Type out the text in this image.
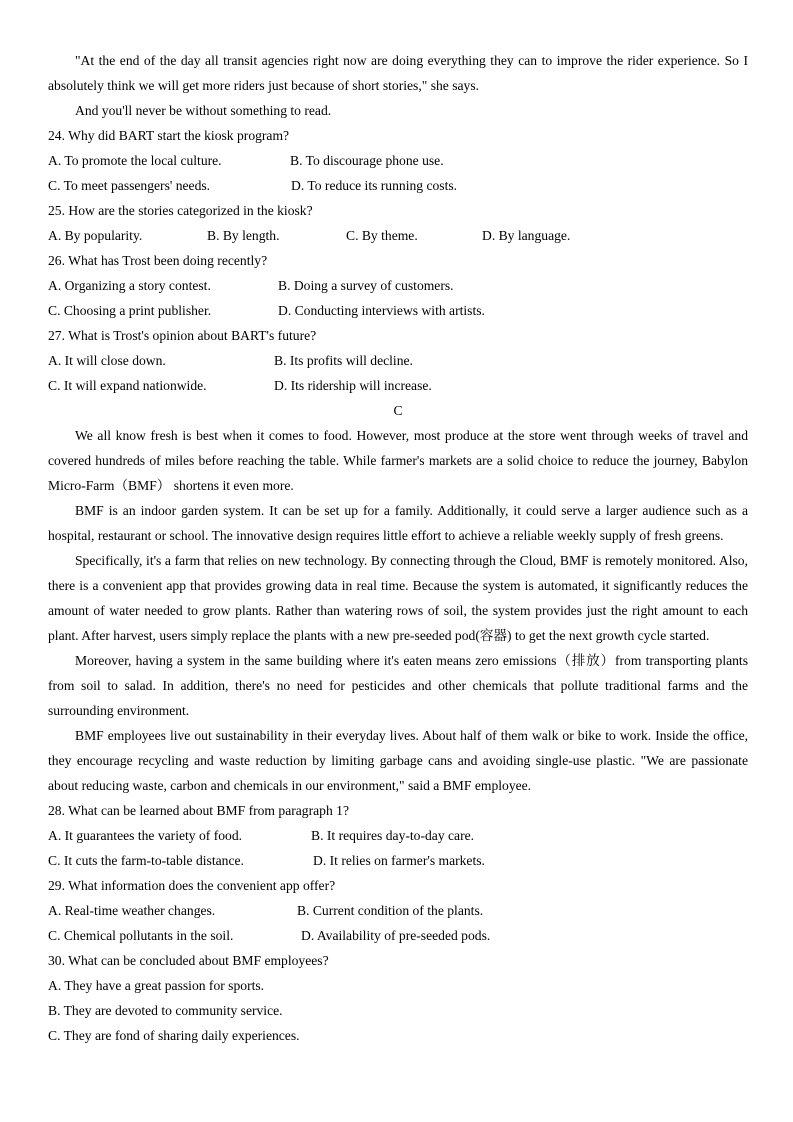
"At the end of the day all transit agencies right now are doing everything they can to improve the rider experience. So I absolutely think we will get more riders just because of short stories," she says.
And you'll never be without something to read.
24. Why did BART start the kiosk program?
A. To promote the local culture.	B. To discourage phone use.
C. To meet passengers' needs.	D. To reduce its running costs.
25. How are the stories categorized in the kiosk?
A. By popularity.	B. By length.	C. By theme.	D. By language.
26. What has Trost been doing recently?
A. Organizing a story contest.	B. Doing a survey of customers.
C. Choosing a print publisher.	D. Conducting interviews with artists.
27. What is Trost's opinion about BART's future?
A. It will close down.	B. Its profits will decline.
C. It will expand nationwide.	D. Its ridership will increase.
C
We all know fresh is best when it comes to food. However, most produce at the store went through weeks of travel and covered hundreds of miles before reaching the table. While farmer's markets are a solid choice to reduce the journey, Babylon Micro-Farm（BMF） shortens it even more.
BMF is an indoor garden system. It can be set up for a family. Additionally, it could serve a larger audience such as a hospital, restaurant or school. The innovative design requires little effort to achieve a reliable weekly supply of fresh greens.
Specifically, it's a farm that relies on new technology. By connecting through the Cloud, BMF is remotely monitored. Also, there is a convenient app that provides growing data in real time. Because the system is automated, it significantly reduces the amount of water needed to grow plants. Rather than watering rows of soil, the system provides just the right amount to each plant. After harvest, users simply replace the plants with a new pre-seeded pod(容器) to get the next growth cycle started.
Moreover, having a system in the same building where it's eaten means zero emissions（排放）from transporting plants from soil to salad. In addition, there's no need for pesticides and other chemicals that pollute traditional farms and the surrounding environment.
BMF employees live out sustainability in their everyday lives. About half of them walk or bike to work. Inside the office, they encourage recycling and waste reduction by limiting garbage cans and avoiding single-use plastic. "We are passionate about reducing waste, carbon and chemicals in our environment," said a BMF employee.
28. What can be learned about BMF from paragraph 1?
A. It guarantees the variety of food.	B. It requires day-to-day care.
C. It cuts the farm-to-table distance.	D. It relies on farmer's markets.
29. What information does the convenient app offer?
A. Real-time weather changes.	B. Current condition of the plants.
C. Chemical pollutants in the soil.	D. Availability of pre-seeded pods.
30. What can be concluded about BMF employees?
A. They have a great passion for sports.
B. They are devoted to community service.
C. They are fond of sharing daily experiences.
